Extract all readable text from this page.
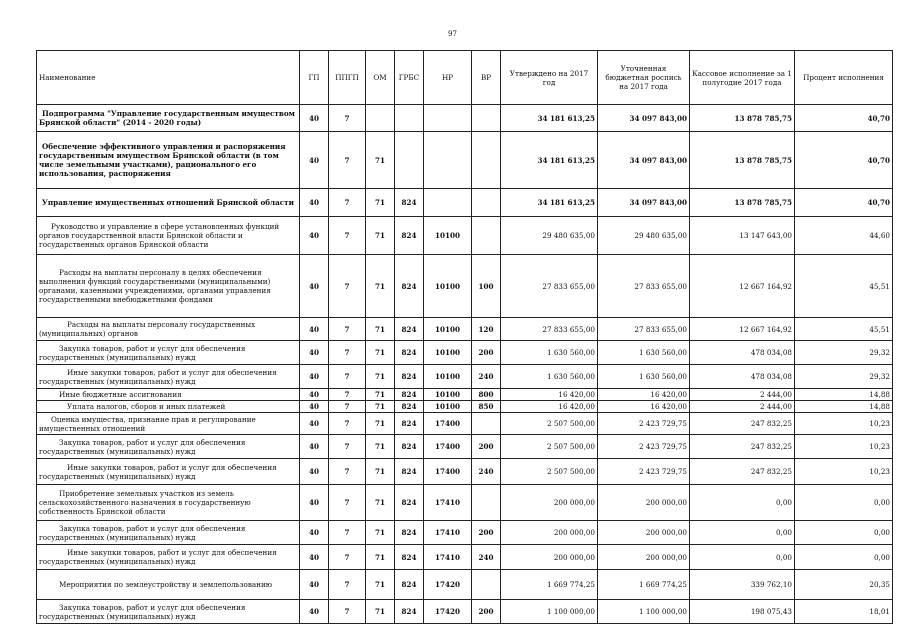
97
Наименование	ГП	ППГП	ОМ	ГРБС	НР	ВР	Утверждено на 2017 год	Уточненная бюджетная роспись на 2017 года	Кассовое исполнение за 1 полугодие 2017 года	Процент исполнения
Подпрограмма "Управление государственным имуществом Брянской области" (2014 - 2020 годы)	40	7					34 181 613,25	34 097 843,00	13 878 785,75	40,70
Обеспечение эффективного управления и распоряжения государственным имуществом Брянской области (в том числе земельными участками), рационального его использования, распоряжения	40	7	71				34 181 613,25	34 097 843,00	13 878 785,75	40,70
Управление имущественных отношений Брянской области	40	7	71	824			34 181 613,25	34 097 843,00	13 878 785,75	40,70
Руководство и управление в сфере установленных функций органов государственной власти Брянской области и государственных органов Брянской области	40	7	71	824	10100		29 480 635,00	29 480 635,00	13 147 643,00	44,60
Расходы на выплаты персоналу в целях обеспечения выполнения функций государственными (муниципальными) органами, казенными учреждениями, органами управления государственными внебюджетными фондами	40	7	71	824	10100	100	27 833 655,00	27 833 655,00	12 667 164,92	45,51
Расходы на выплаты персоналу государственных (муниципальных) органов	40	7	71	824	10100	120	27 833 655,00	27 833 655,00	12 667 164,92	45,51
Закупка товаров, работ и услуг для обеспечения государственных (муниципальных) нужд	40	7	71	824	10100	200	1 630 560,00	1 630 560,00	478 034,08	29,32
Иные закупки товаров, работ и услуг для обеспечения государственных (муниципальных) нужд	40	7	71	824	10100	240	1 630 560,00	1 630 560,00	478 034,08	29,32
Иные бюджетные ассигнования	40	7	71	824	10100	800	16 420,00	16 420,00	2 444,00	14,88
Уплата налогов, сборов и иных платежей	40	7	71	824	10100	850	16 420,00	16 420,00	2 444,00	14,88
Оценка имущества, признание прав и регулирование имущественных отношений	40	7	71	824	17400		2 507 500,00	2 423 729,75	247 832,25	10,23
Закупка товаров, работ и услуг для обеспечения государственных (муниципальных) нужд	40	7	71	824	17400	200	2 507 500,00	2 423 729,75	247 832,25	10,23
Иные закупки товаров, работ и услуг для обеспечения государственных (муниципальных) нужд	40	7	71	824	17400	240	2 507 500,00	2 423 729,75	247 832,25	10,23
Приобретение земельных участков из земель сельскохозяйственного назначения в государственную собственность Брянской области	40	7	71	824	17410		200 000,00	200 000,00	0,00	0,00
Закупка товаров, работ и услуг для обеспечения государственных (муниципальных) нужд	40	7	71	824	17410	200	200 000,00	200 000,00	0,00	0,00
Иные закупки товаров, работ и услуг для обеспечения государственных (муниципальных) нужд	40	7	71	824	17410	240	200 000,00	200 000,00	0,00	0,00
Мероприятия по землеустройству и землепользованию	40	7	71	824	17420		1 669 774,25	1 669 774,25	339 762,10	20,35
Закупка товаров, работ и услуг для обеспечения государственных (муниципальных) нужд	40	7	71	824	17420	200	1 100 000,00	1 100 000,00	198 075,43	18,01
